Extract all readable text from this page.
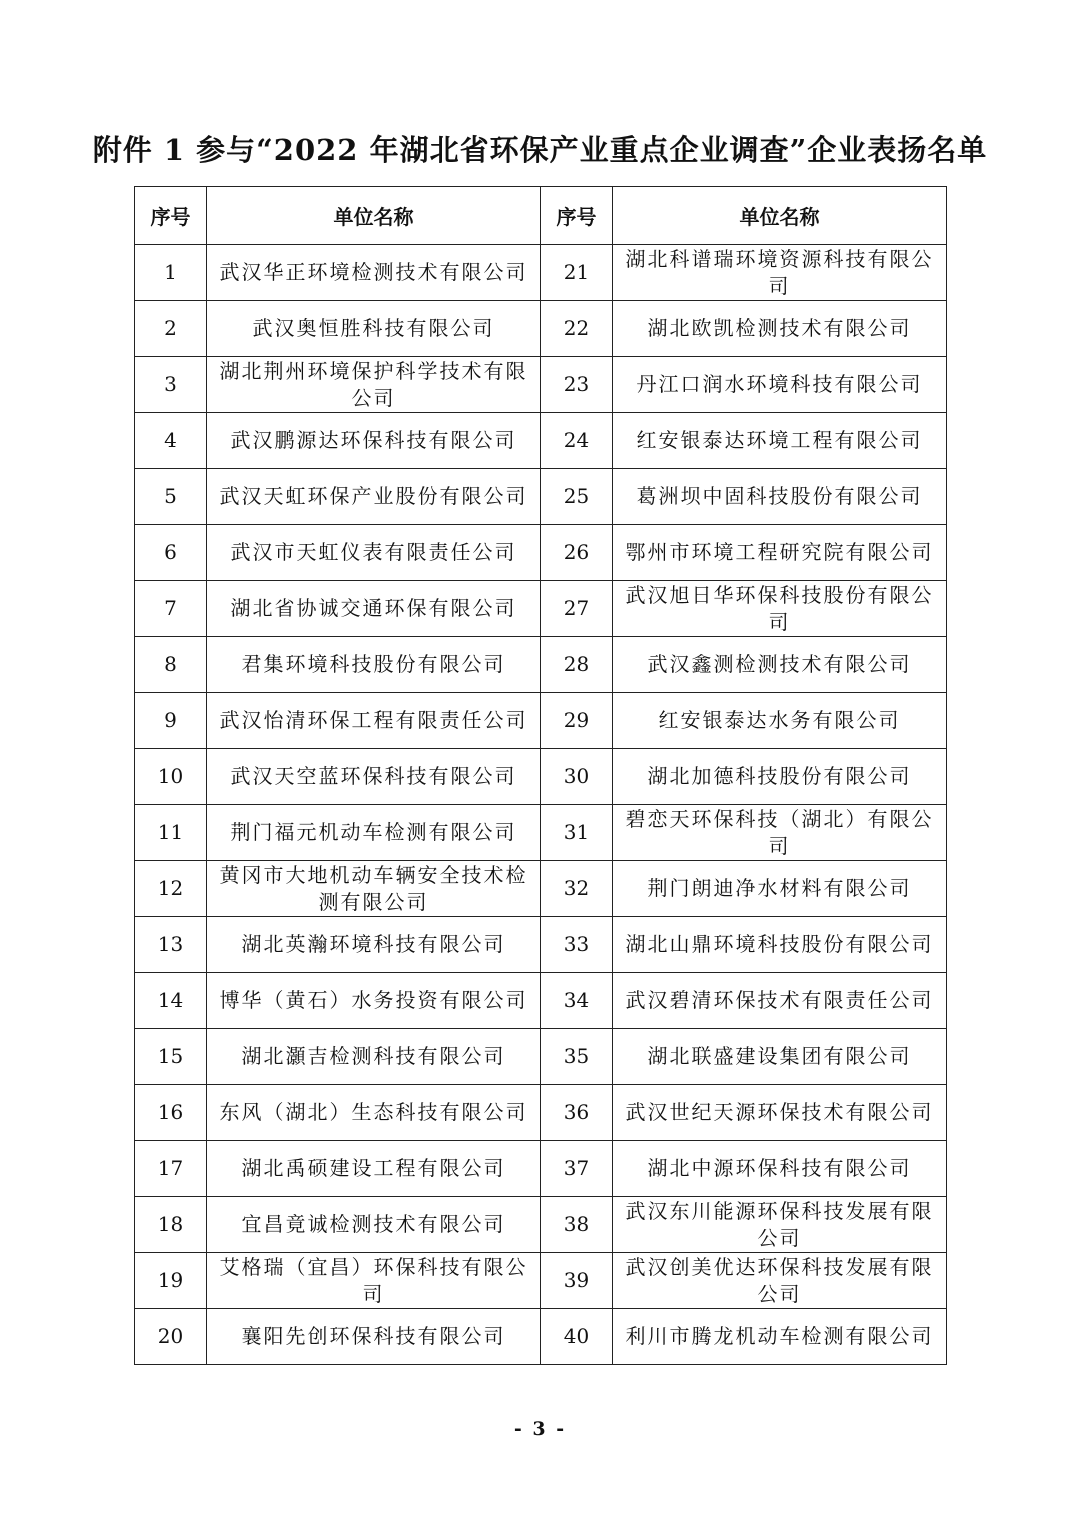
附件 1 参与“2022 年湖北省环保产业重点企业调查”企业表扬名单
序号	单位名称	序号	单位名称
1	武汉华正环境检测技术有限公司	21	湖北科谱瑞环境资源科技有限公司
2	武汉奥恒胜科技有限公司	22	湖北欧凯检测技术有限公司
3	湖北荆州环境保护科学技术有限公司	23	丹江口润水环境科技有限公司
4	武汉鹏源达环保科技有限公司	24	红安银泰达环境工程有限公司
5	武汉天虹环保产业股份有限公司	25	葛洲坝中固科技股份有限公司
6	武汉市天虹仪表有限责任公司	26	鄂州市环境工程研究院有限公司
7	湖北省协诚交通环保有限公司	27	武汉旭日华环保科技股份有限公司
8	君集环境科技股份有限公司	28	武汉鑫测检测技术有限公司
9	武汉怡清环保工程有限责任公司	29	红安银泰达水务有限公司
10	武汉天空蓝环保科技有限公司	30	湖北加德科技股份有限公司
11	荆门福元机动车检测有限公司	31	碧恋天环保科技（湖北）有限公司
12	黄冈市大地机动车辆安全技术检测有限公司	32	荆门朗迪净水材料有限公司
13	湖北英瀚环境科技有限公司	33	湖北山鼎环境科技股份有限公司
14	博华（黄石）水务投资有限公司	34	武汉碧清环保技术有限责任公司
15	湖北灝吉检测科技有限公司	35	湖北联盛建设集团有限公司
16	东风（湖北）生态科技有限公司	36	武汉世纪天源环保技术有限公司
17	湖北禹硕建设工程有限公司	37	湖北中源环保科技有限公司
18	宜昌竟诚检测技术有限公司	38	武汉东川能源环保科技发展有限公司
19	艾格瑞（宜昌）环保科技有限公司	39	武汉创美优达环保科技发展有限公司
20	襄阳先创环保科技有限公司	40	利川市腾龙机动车检测有限公司
- 3 -
